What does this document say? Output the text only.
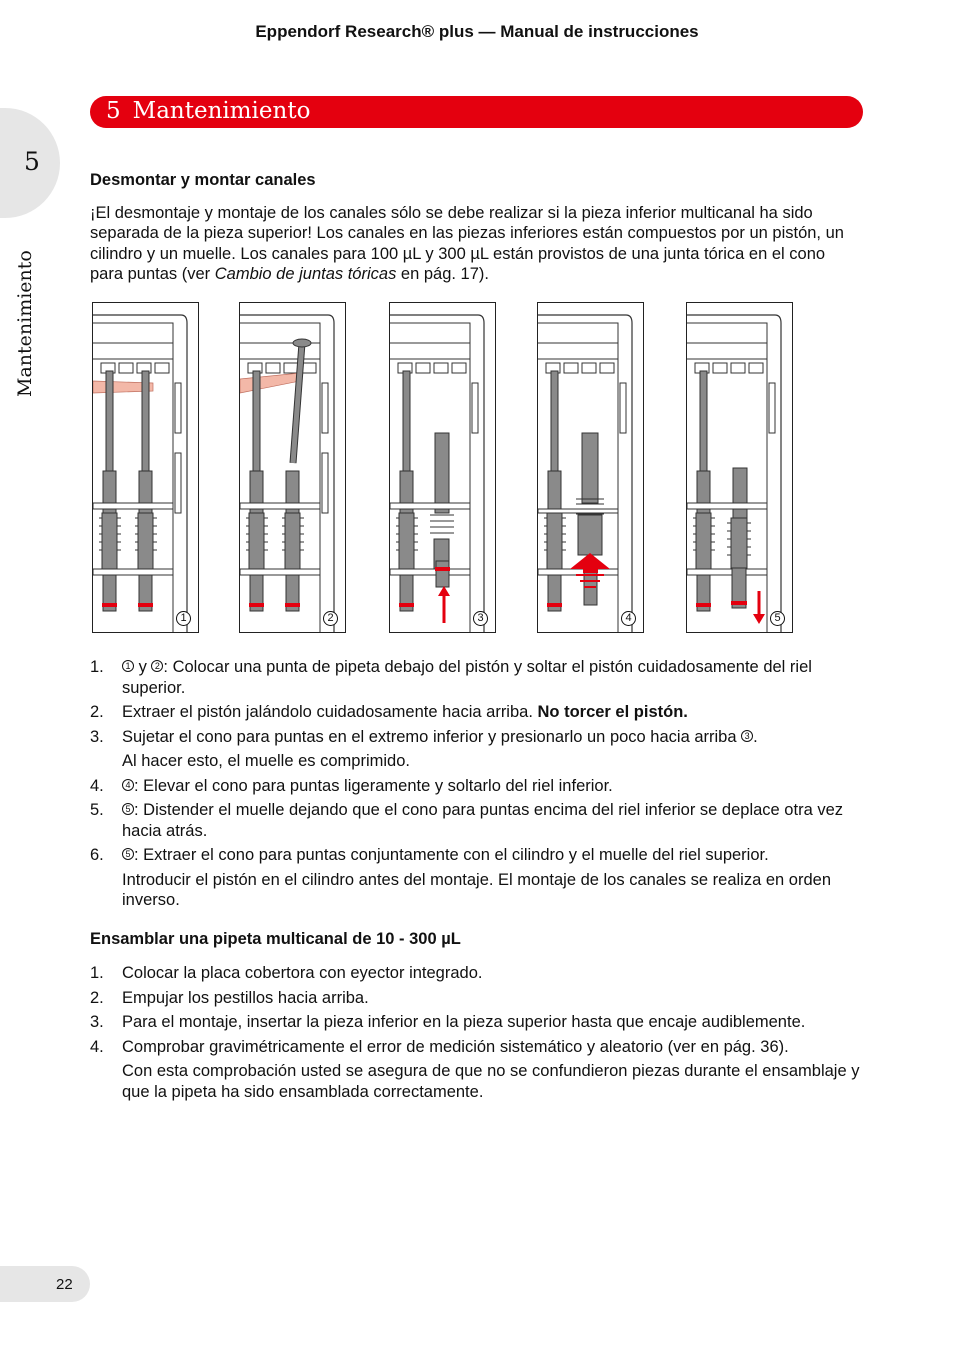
Eppendorf Research® plus — Manual de instrucciones
5
Mantenimiento
5 Mantenimiento
Desmontar y montar canales

¡El desmontaje y montaje de los canales sólo se debe realizar si la pieza inferior multicanal ha sido separada de la pieza superior! Los canales en las piezas inferiores están compuestos por un pistón, un cilindro y un muelle. Los canales para 100 µL y 300 µL están provistos de una junta tórica en el cono para puntas (ver Cambio de juntas tóricas en pág. 17).

1	2	3	4	5
1. 1 y 2 : Colocar una punta de pipeta debajo del pistón y soltar el pistón cuidadosamente del riel superior.
2. Extraer el pistón jalándolo cuidadosamente hacia arriba. No torcer el pistón.
3. Sujetar el cono para puntas en el extremo inferior y presionarlo un poco hacia arriba 3 .

Al hacer esto, el muelle es comprimido.

4. 4 : Elevar el cono para puntas ligeramente y soltarlo del riel inferior.
5. 5 : Distender el muelle dejando que el cono para puntas encima del riel inferior se deplace otra vez hacia atrás.
6. 5 : Extraer el cono para puntas conjuntamente con el cilindro y el muelle del riel superior.

Introducir el pistón en el cilindro antes del montaje. El montaje de los canales se realiza en orden inverso.

Ensamblar una pipeta multicanal de 10 - 300 µL
1. Colocar la placa cobertora con eyector integrado.
2. Empujar los pestillos hacia arriba.
3. Para el montaje, insertar la pieza inferior en la pieza superior hasta que encaje audiblemente.
4. Comprobar gravimétricamente el error de medición sistemático y aleatorio (ver en pág. 36).

Con esta comprobación usted se asegura de que no se confundieron piezas durante el ensamblaje y que la pipeta ha sido ensamblada correctamente.

22
